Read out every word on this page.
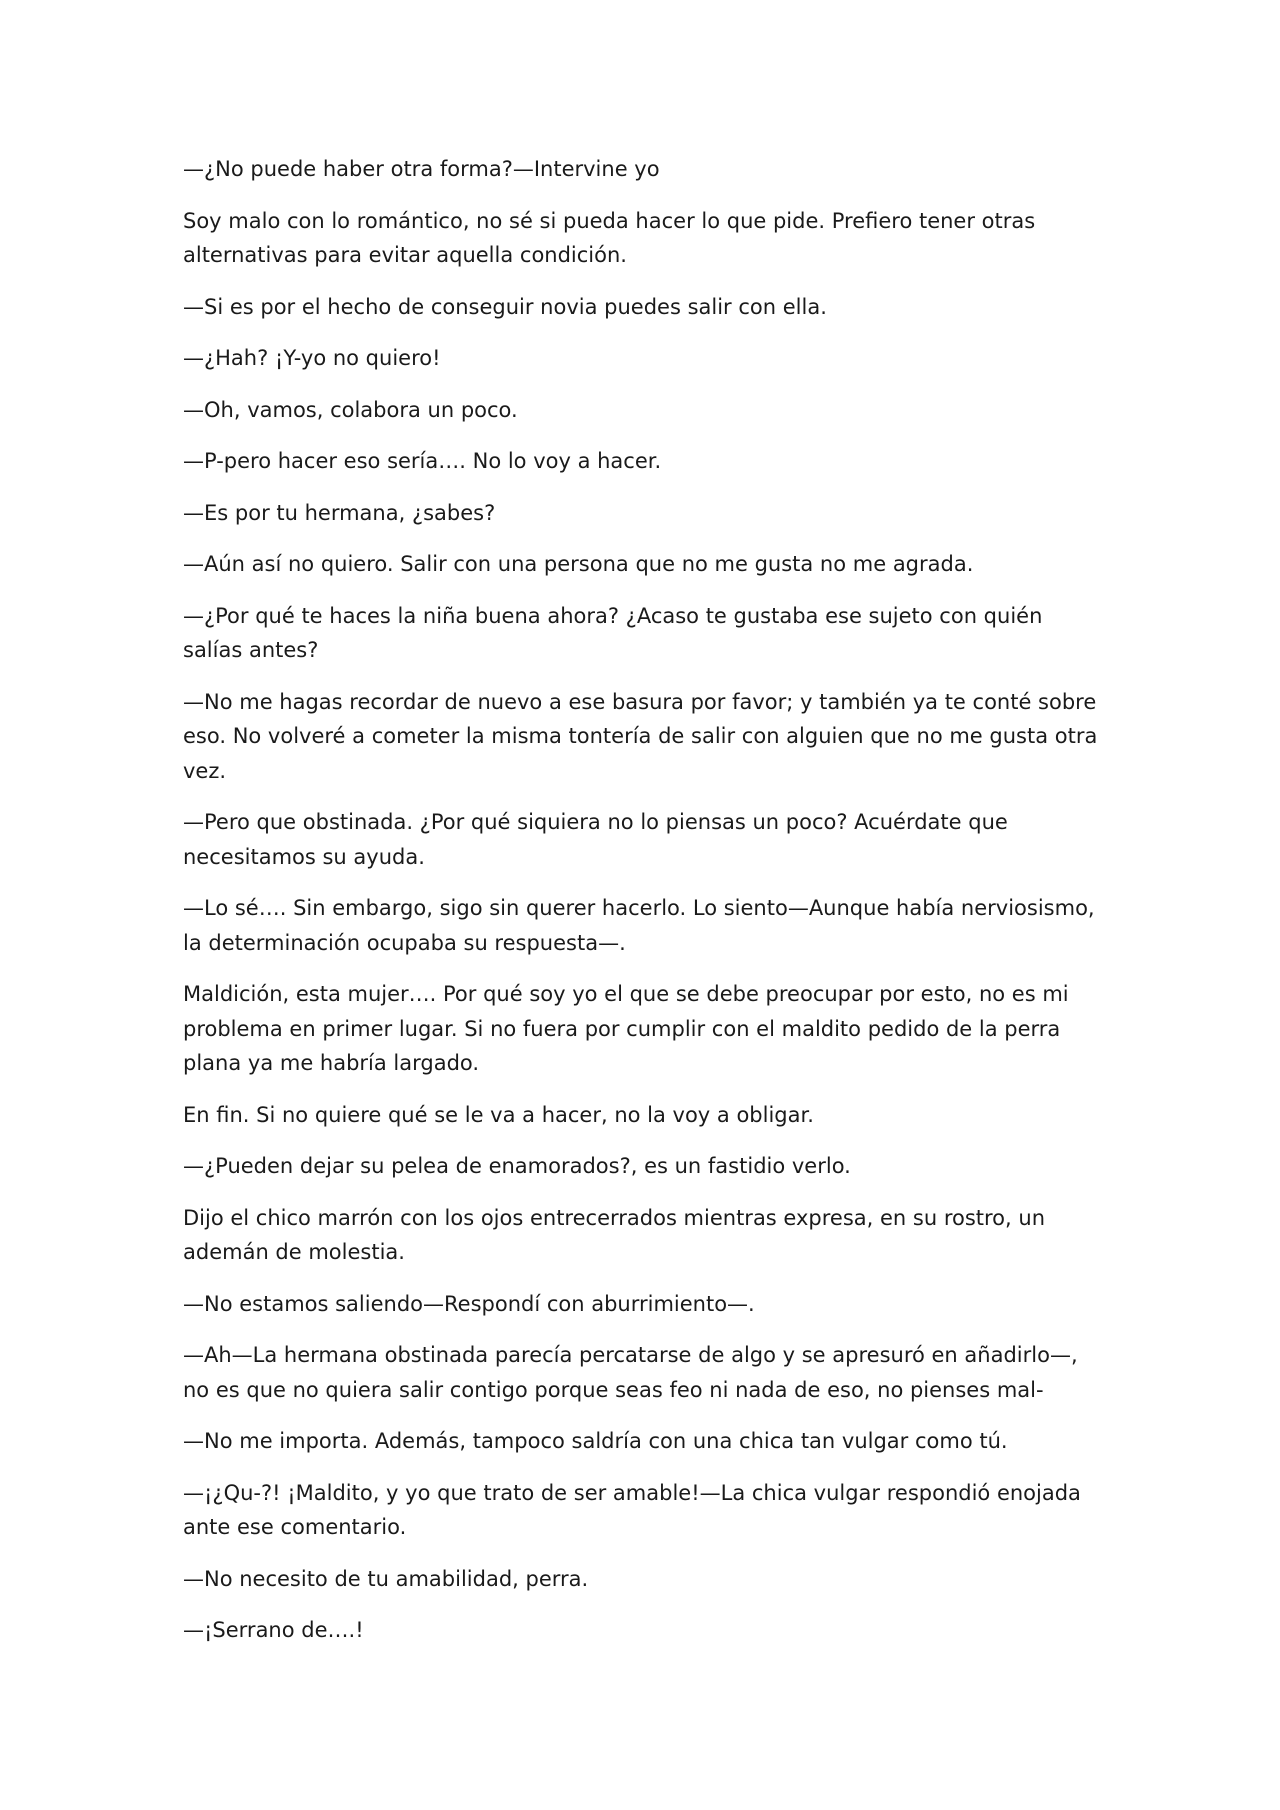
—¿No puede haber otra forma?—Intervine yo

Soy malo con lo romántico, no sé si pueda hacer lo que pide. Prefiero tener otras alternativas para evitar aquella condición.

—Si es por el hecho de conseguir novia puedes salir con ella.

—¿Hah? ¡Y-yo no quiero!

—Oh, vamos, colabora un poco.

—P-pero hacer eso sería…. No lo voy a hacer.

—Es por tu hermana, ¿sabes?

—Aún así no quiero. Salir con una persona que no me gusta no me agrada.

—¿Por qué te haces la niña buena ahora? ¿Acaso te gustaba ese sujeto con quién salías antes?

—No me hagas recordar de nuevo a ese basura por favor; y también ya te conté sobre eso. No volveré a cometer la misma tontería de salir con alguien que no me gusta otra vez.

—Pero que obstinada. ¿Por qué siquiera no lo piensas un poco? Acuérdate que necesitamos su ayuda.

—Lo sé…. Sin embargo, sigo sin querer hacerlo. Lo siento—Aunque había nerviosismo, la determinación ocupaba su respuesta—.

Maldición, esta mujer…. Por qué soy yo el que se debe preocupar por esto, no es mi problema en primer lugar. Si no fuera por cumplir con el maldito pedido de la perra plana ya me habría largado.

En fin. Si no quiere qué se le va a hacer, no la voy a obligar.

—¿Pueden dejar su pelea de enamorados?, es un fastidio verlo.

Dijo el chico marrón con los ojos entrecerrados mientras expresa, en su rostro, un ademán de molestia.

—No estamos saliendo—Respondí con aburrimiento—.

—Ah—La hermana obstinada parecía percatarse de algo y se apresuró en añadirlo—, no es que no quiera salir contigo porque seas feo ni nada de eso, no pienses mal-

—No me importa. Además, tampoco saldría con una chica tan vulgar como tú.

—¡¿Qu-?! ¡Maldito, y yo que trato de ser amable!—La chica vulgar respondió enojada ante ese comentario.

—No necesito de tu amabilidad, perra.

—¡Serrano de….!
